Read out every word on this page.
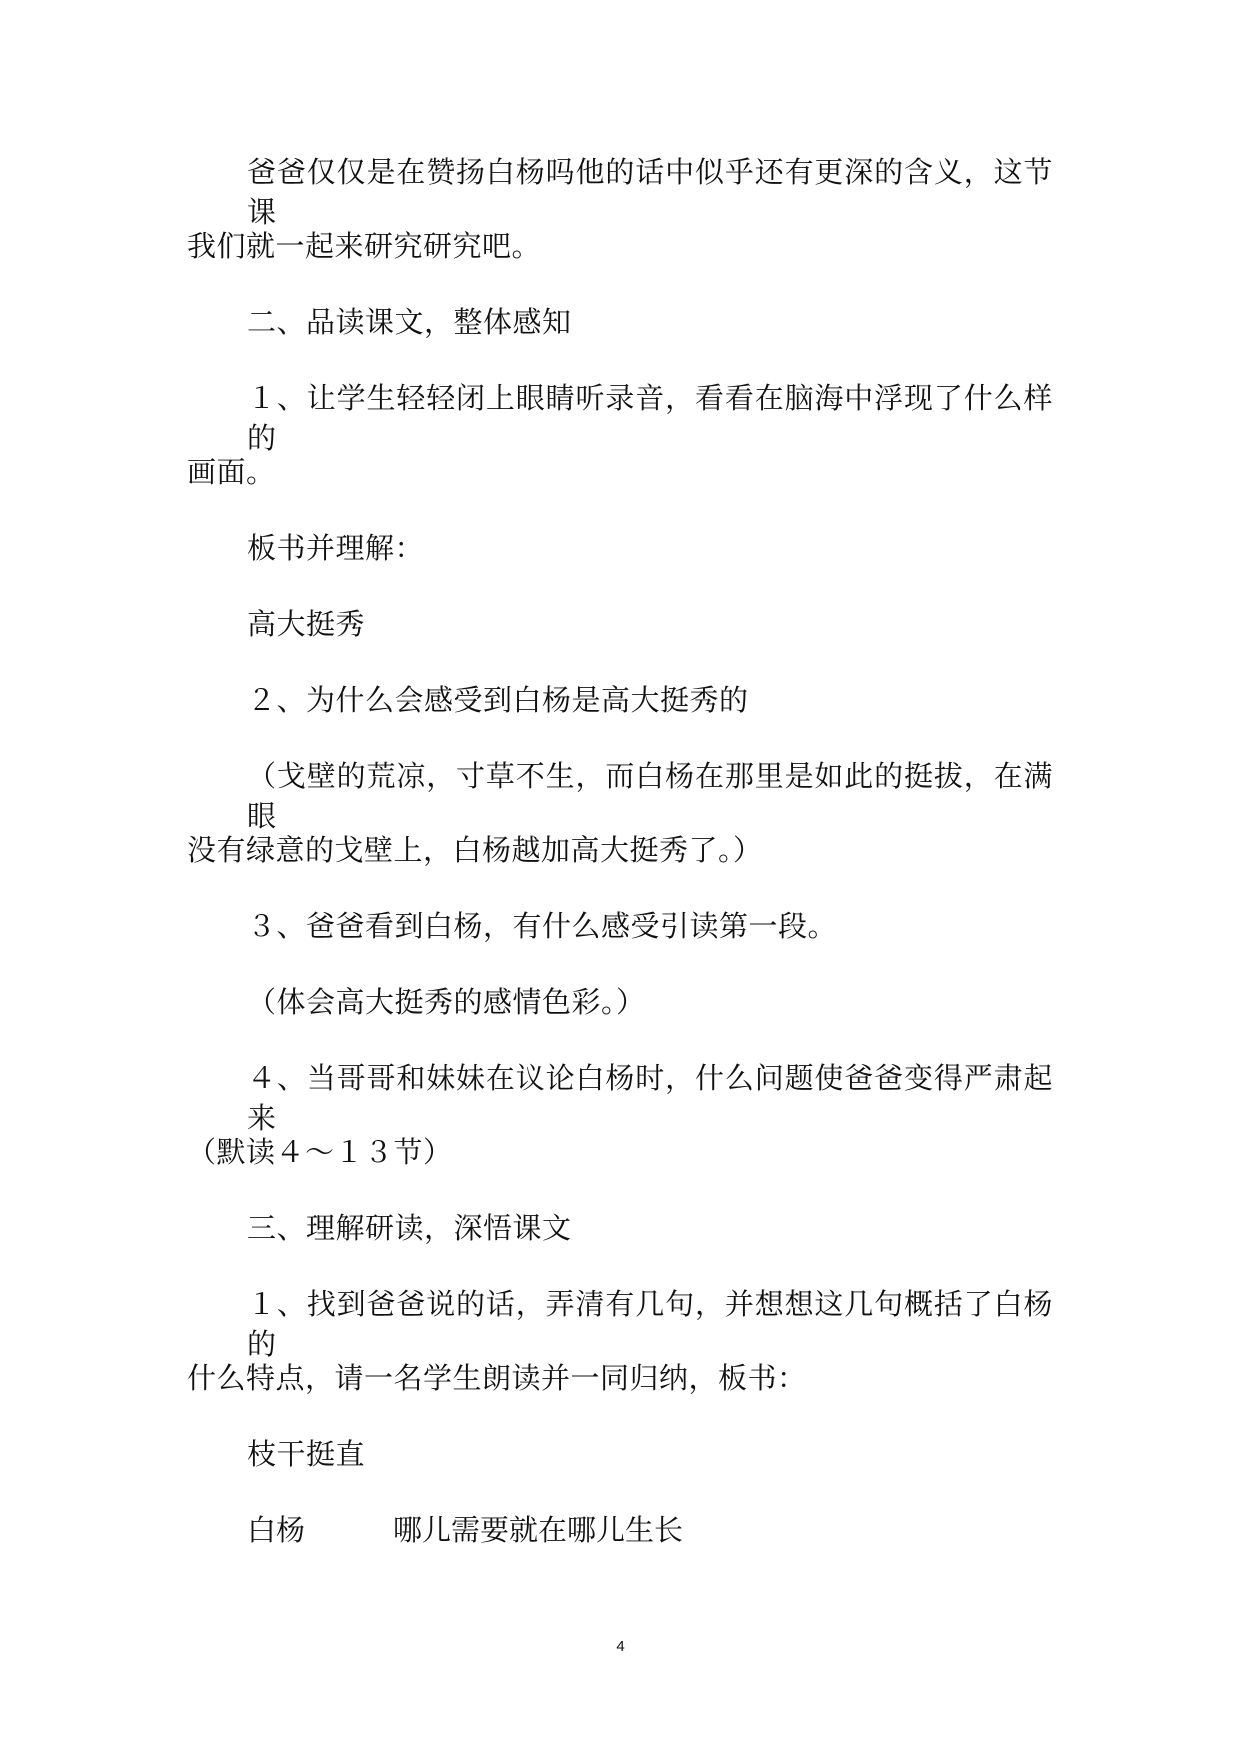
爸爸仅仅是在赞扬白杨吗他的话中似乎还有更深的含义，这节课
我们就一起来研究研究吧。
二、品读课文，整体感知
１、让学生轻轻闭上眼睛听录音，看看在脑海中浮现了什么样的
画面。
板书并理解：
高大挺秀
２、为什么会感受到白杨是高大挺秀的
（戈壁的荒凉，寸草不生，而白杨在那里是如此的挺拔，在满眼
没有绿意的戈壁上，白杨越加高大挺秀了。）
３、爸爸看到白杨，有什么感受引读第一段。
（体会高大挺秀的感情色彩。）
４、当哥哥和妹妹在议论白杨时，什么问题使爸爸变得严肃起来
（默读４～１３节）
三、理解研读，深悟课文
１、找到爸爸说的话，弄清有几句，并想想这几句概括了白杨的
什么特点，请一名学生朗读并一同归纳，板书：
枝干挺直
白杨	哪儿需要就在哪儿生长
4
